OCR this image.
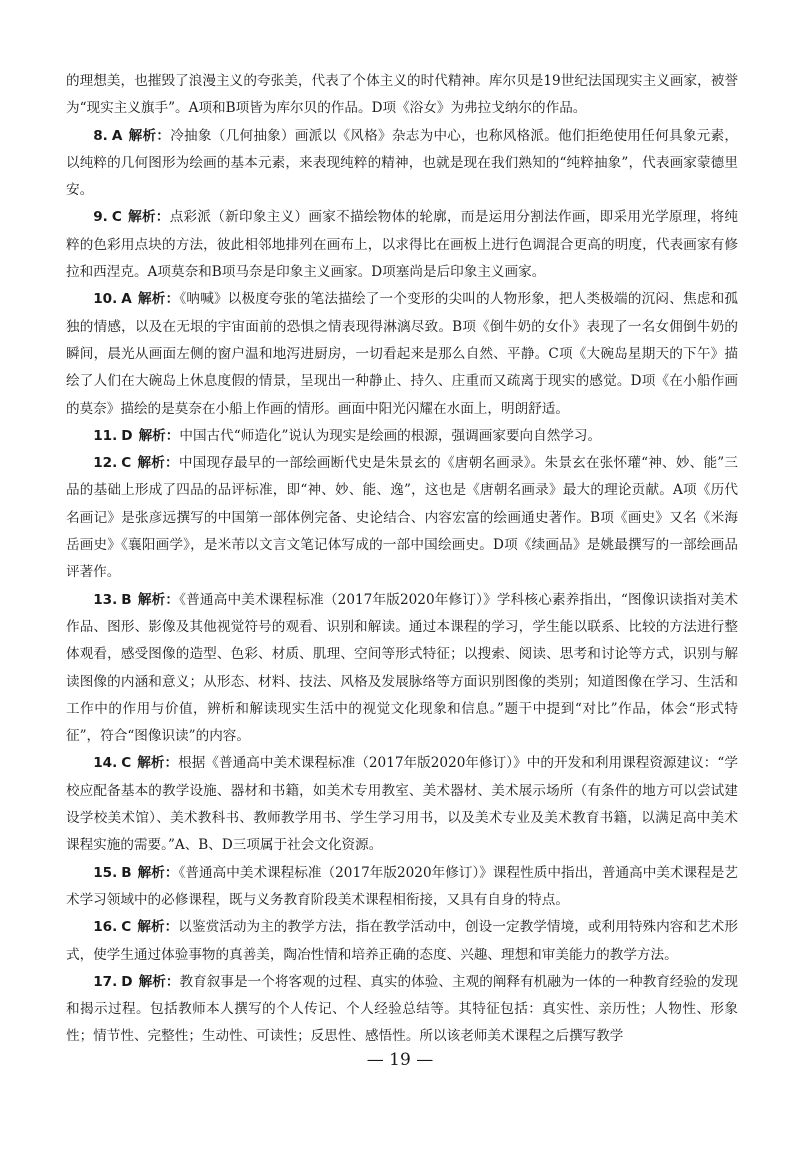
的理想美，也摧毁了浪漫主义的夸张美，代表了个体主义的时代精神。库尔贝是19世纪法国现实主义画家，被誉为“现实主义旗手”。A项和B项皆为库尔贝的作品。D项《浴女》为弗拉戈纳尔的作品。

8. A 解析：冷抽象（几何抽象）画派以《风格》杂志为中心，也称风格派。他们拒绝使用任何具象元素，以纯粹的几何图形为绘画的基本元素，来表现纯粹的精神，也就是现在我们熟知的“纯粹抽象”，代表画家蒙德里安。

9. C 解析：点彩派（新印象主义）画家不描绘物体的轮廓，而是运用分割法作画，即采用光学原理，将纯粹的色彩用点块的方法，彼此相邻地排列在画布上，以求得比在画板上进行色调混合更高的明度，代表画家有修拉和西涅克。A项莫奈和B项马奈是印象主义画家。D项塞尚是后印象主义画家。

10. A 解析：《呐喊》以极度夸张的笔法描绘了一个变形的尖叫的人物形象，把人类极端的沉闷、焦虑和孤独的情感，以及在无垠的宇宙面前的恐惧之情表现得淋漓尽致。B项《倒牛奶的女仆》表现了一名女佣倒牛奶的瞬间，晨光从画面左侧的窗户温和地泻进厨房，一切看起来是那么自然、平静。C项《大碗岛星期天的下午》描绘了人们在大碗岛上休息度假的情景，呈现出一种静止、持久、庄重而又疏离于现实的感觉。D项《在小船作画的莫奈》描绘的是莫奈在小船上作画的情形。画面中阳光闪耀在水面上，明朗舒适。

11. D 解析：中国古代“师造化”说认为现实是绘画的根源，强调画家要向自然学习。

12. C 解析：中国现存最早的一部绘画断代史是朱景玄的《唐朝名画录》。朱景玄在张怀瓘“神、妙、能”三品的基础上形成了四品的品评标准，即“神、妙、能、逸”，这也是《唐朝名画录》最大的理论贡献。A项《历代名画记》是张彦远撰写的中国第一部体例完备、史论结合、内容宏富的绘画通史著作。B项《画史》又名《米海岳画史》《襄阳画学》，是米芾以文言文笔记体写成的一部中国绘画史。D项《续画品》是姚最撰写的一部绘画品评著作。

13. B 解析：《普通高中美术课程标准（2017年版2020年修订）》学科核心素养指出，“图像识读指对美术作品、图形、影像及其他视觉符号的观看、识别和解读。通过本课程的学习，学生能以联系、比较的方法进行整体观看，感受图像的造型、色彩、材质、肌理、空间等形式特征；以搜索、阅读、思考和讨论等方式，识别与解读图像的内涵和意义；从形态、材料、技法、风格及发展脉络等方面识别图像的类别；知道图像在学习、生活和工作中的作用与价值，辨析和解读现实生活中的视觉文化现象和信息。”题干中提到“对比”作品，体会“形式特征”，符合“图像识读”的内容。

14. C 解析：根据《普通高中美术课程标准（2017年版2020年修订）》中的开发和利用课程资源建议：“学校应配备基本的教学设施、器材和书籍，如美术专用教室、美术器材、美术展示场所（有条件的地方可以尝试建设学校美术馆）、美术教科书、教师教学用书、学生学习用书，以及美术专业及美术教育书籍，以满足高中美术课程实施的需要。”A、B、D三项属于社会文化资源。

15. B 解析：《普通高中美术课程标准（2017年版2020年修订）》课程性质中指出，普通高中美术课程是艺术学习领域中的必修课程，既与义务教育阶段美术课程相衔接，又具有自身的特点。

16. C 解析：以鉴赏活动为主的教学方法，指在教学活动中，创设一定教学情境，或利用特殊内容和艺术形式，使学生通过体验事物的真善美，陶冶性情和培养正确的态度、兴趣、理想和审美能力的教学方法。

17. D 解析：教育叙事是一个将客观的过程、真实的体验、主观的阐释有机融为一体的一种教育经验的发现和揭示过程。包括教师本人撰写的个人传记、个人经验总结等。其特征包括：真实性、亲历性；人物性、形象性；情节性、完整性；生动性、可读性；反思性、感悟性。所以该老师美术课程之后撰写教学

— 19 —
